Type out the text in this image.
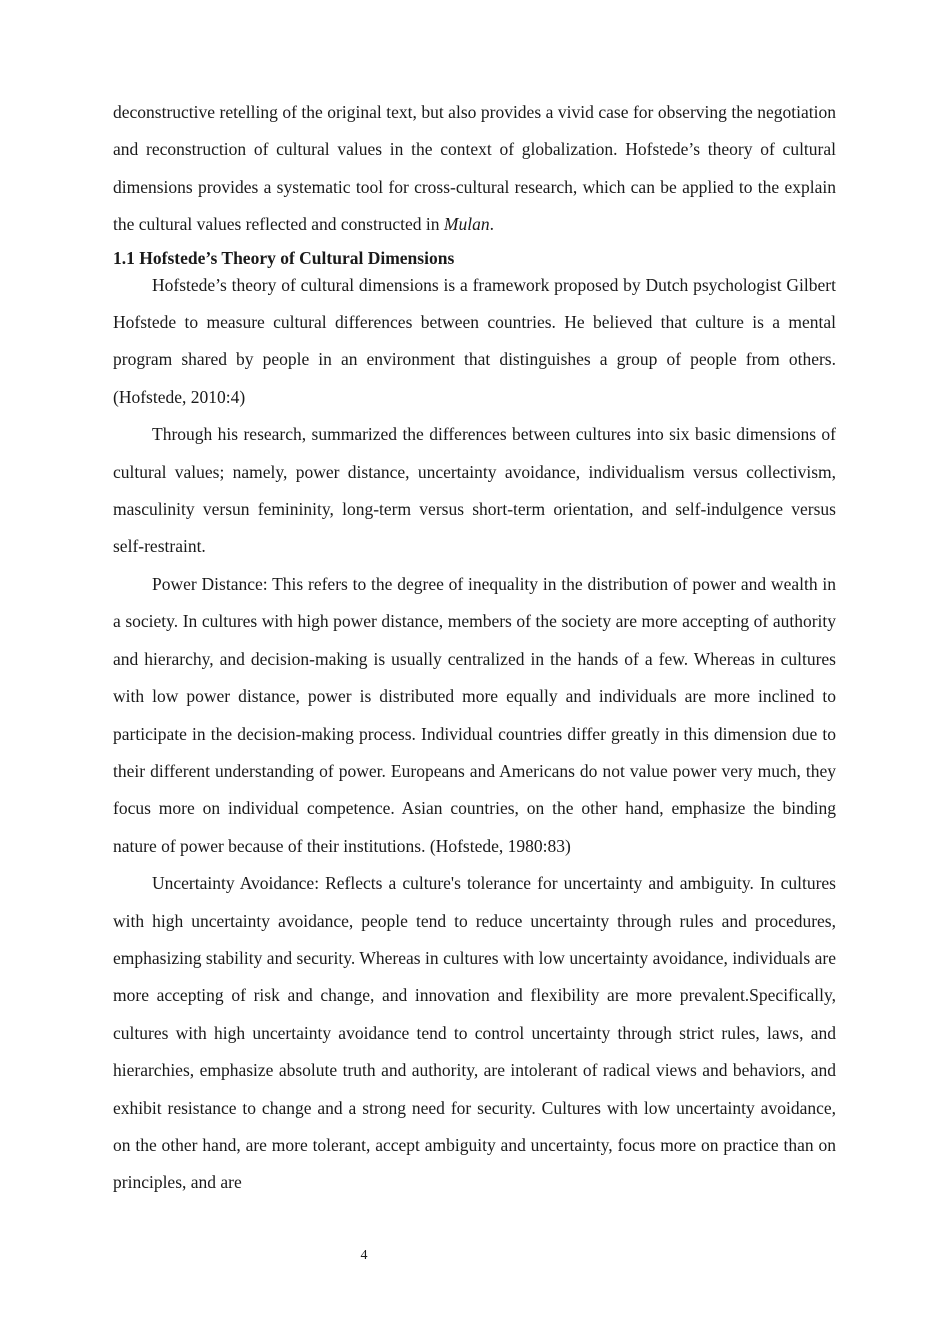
deconstructive retelling of the original text, but also provides a vivid case for observing the negotiation and reconstruction of cultural values in the context of globalization. Hofstede’s theory of cultural dimensions provides a systematic tool for cross-cultural research, which can be applied to the explain the cultural values reflected and constructed in Mulan.

1.1 Hofstede’s Theory of Cultural Dimensions

Hofstede’s theory of cultural dimensions is a framework proposed by Dutch psychologist Gilbert Hofstede to measure cultural differences between countries. He believed that culture is a mental program shared by people in an environment that distinguishes a group of people from others. (Hofstede, 2010:4)

Through his research, summarized the differences between cultures into six basic dimensions of cultural values; namely, power distance, uncertainty avoidance, individualism versus collectivism, masculinity versun femininity, long-term versus short-term orientation, and self-indulgence versus self-restraint.

Power Distance: This refers to the degree of inequality in the distribution of power and wealth in a society. In cultures with high power distance, members of the society are more accepting of authority and hierarchy, and decision-making is usually centralized in the hands of a few. Whereas in cultures with low power distance, power is distributed more equally and individuals are more inclined to participate in the decision-making process. Individual countries differ greatly in this dimension due to their different understanding of power. Europeans and Americans do not value power very much, they focus more on individual competence. Asian countries, on the other hand, emphasize the binding nature of power because of their institutions. (Hofstede, 1980:83)

Uncertainty Avoidance: Reflects a culture's tolerance for uncertainty and ambiguity. In cultures with high uncertainty avoidance, people tend to reduce uncertainty through rules and procedures, emphasizing stability and security. Whereas in cultures with low uncertainty avoidance, individuals are more accepting of risk and change, and innovation and flexibility are more prevalent.Specifically, cultures with high uncertainty avoidance tend to control uncertainty through strict rules, laws, and hierarchies, emphasize absolute truth and authority, are intolerant of radical views and behaviors, and exhibit resistance to change and a strong need for security. Cultures with low uncertainty avoidance, on the other hand, are more tolerant, accept ambiguity and uncertainty, focus more on practice than on principles, and are

4
